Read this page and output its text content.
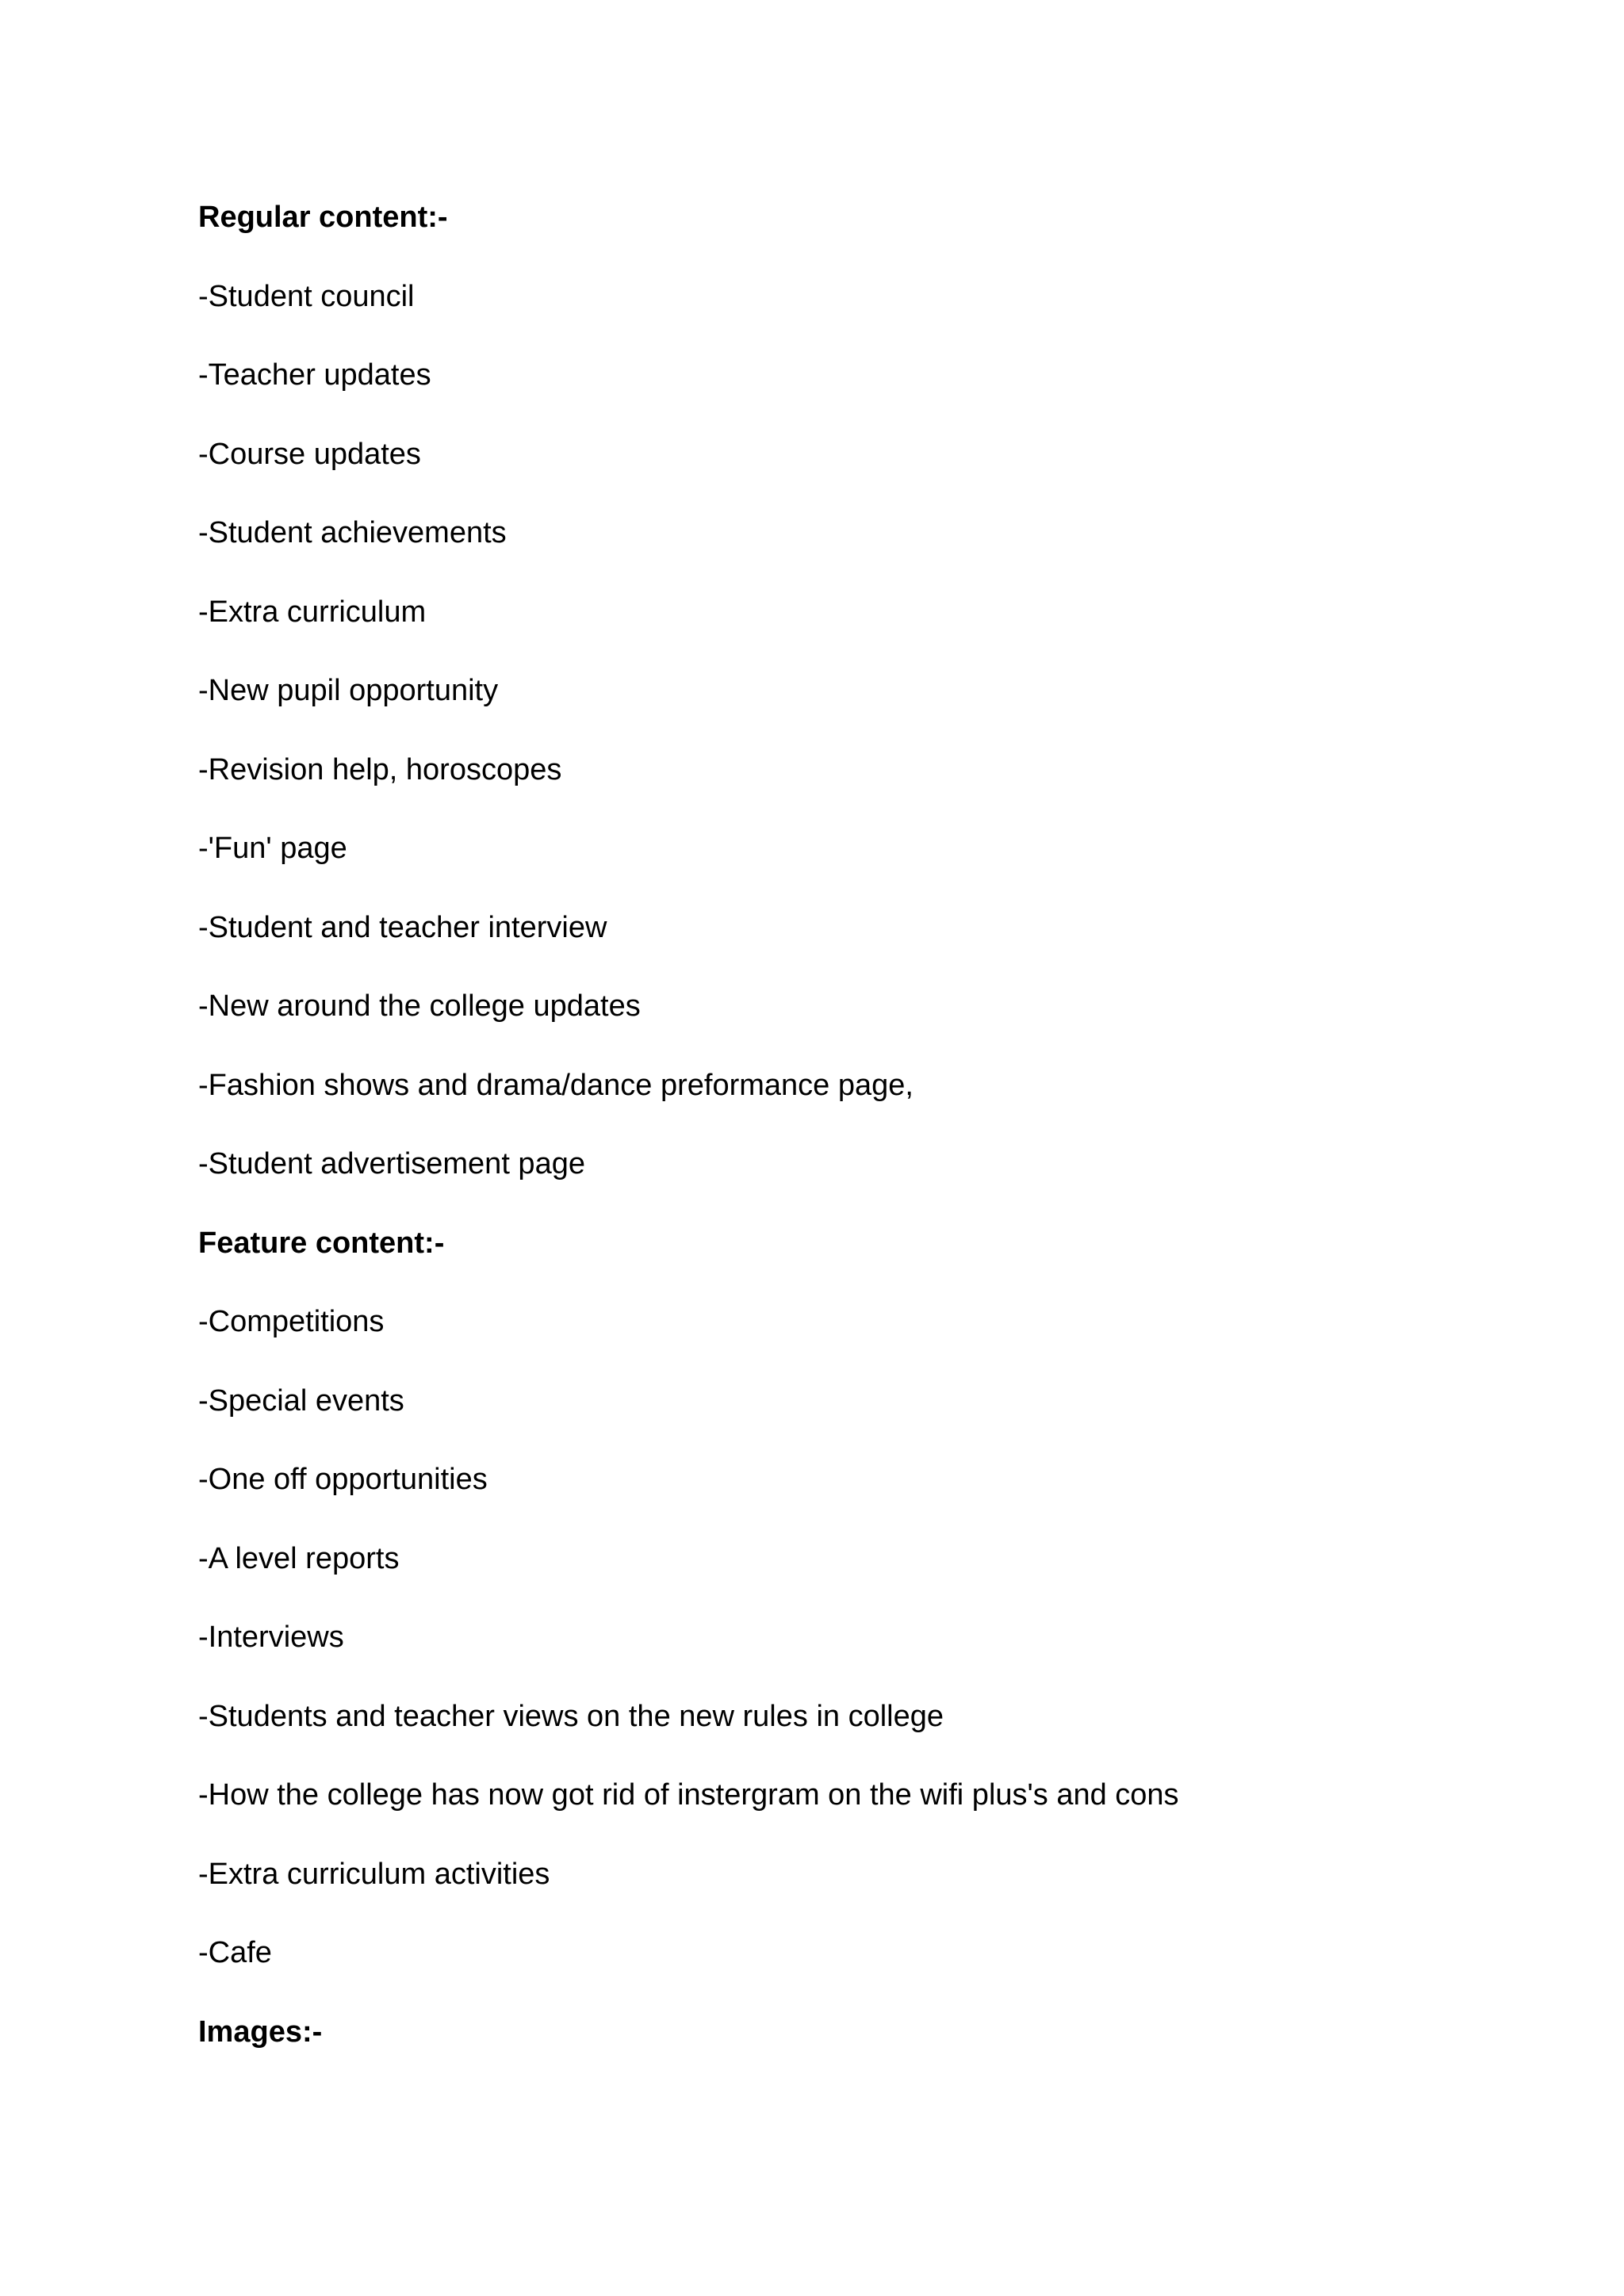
Regular content:-
-Student council
-Teacher updates
-Course updates
-Student achievements
-Extra curriculum
-New pupil opportunity
-Revision help, horoscopes
-'Fun' page
-Student and teacher interview
-New around the college updates
-Fashion shows and drama/dance preformance page,
-Student advertisement page
Feature content:-
-Competitions
-Special events
-One off opportunities
-A level reports
-Interviews
-Students and teacher views on the new rules in college
-How the college has now got rid of instergram on the wifi plus's and cons
-Extra curriculum activities
-Cafe
Images:-
